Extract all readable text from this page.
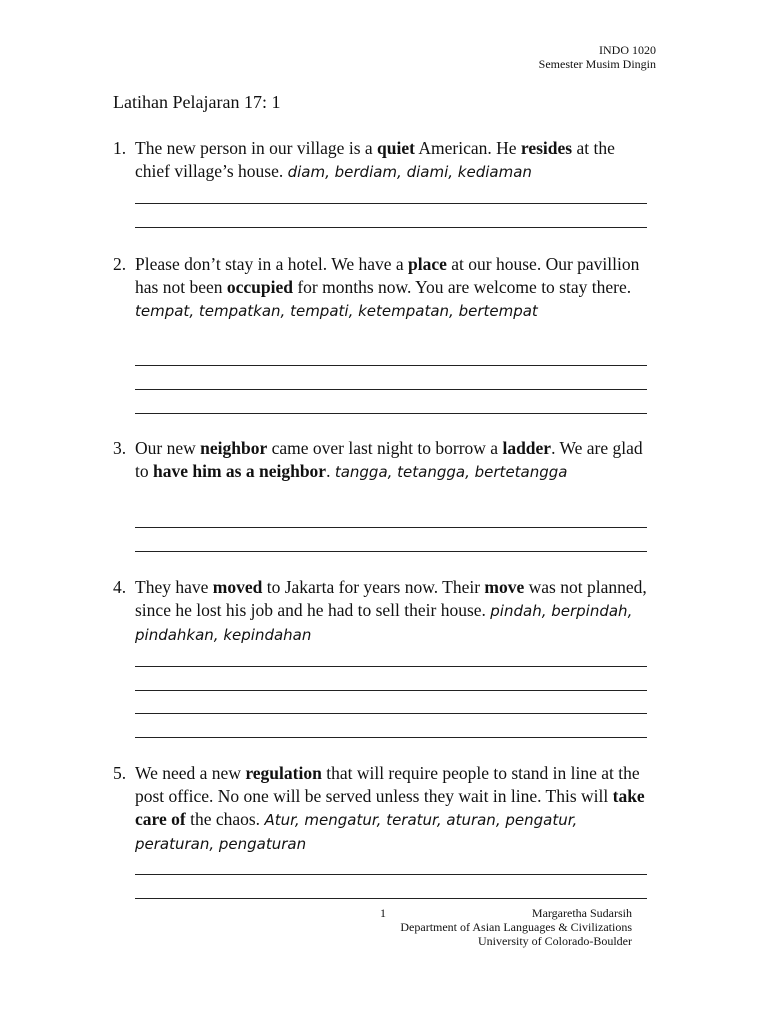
INDO 1020
Semester Musim Dingin
Latihan Pelajaran 17: 1
1. The new person in our village is a quiet American. He resides at the chief village’s house. diam, berdiam, diami, kediaman
2. Please don’t stay in a hotel. We have a place at our house. Our pavillion has not been occupied for months now. You are welcome to stay there. tempat, tempatkan, tempati, ketempatan, bertempat
3. Our new neighbor came over last night to borrow a ladder. We are glad to have him as a neighbor. tangga, tetangga, bertetangga
4. They have moved to Jakarta for years now. Their move was not planned, since he lost his job and he had to sell their house. pindah, berpindah, pindahkan, kepindahan
5. We need a new regulation that will require people to stand in line at the post office. No one will be served unless they wait in line. This will take care of the chaos. Atur, mengatur, teratur, aturan, pengatur, peraturan, pengaturan
1	Margaretha Sudarsih
Department of Asian Languages & Civilizations
University of Colorado-Boulder
